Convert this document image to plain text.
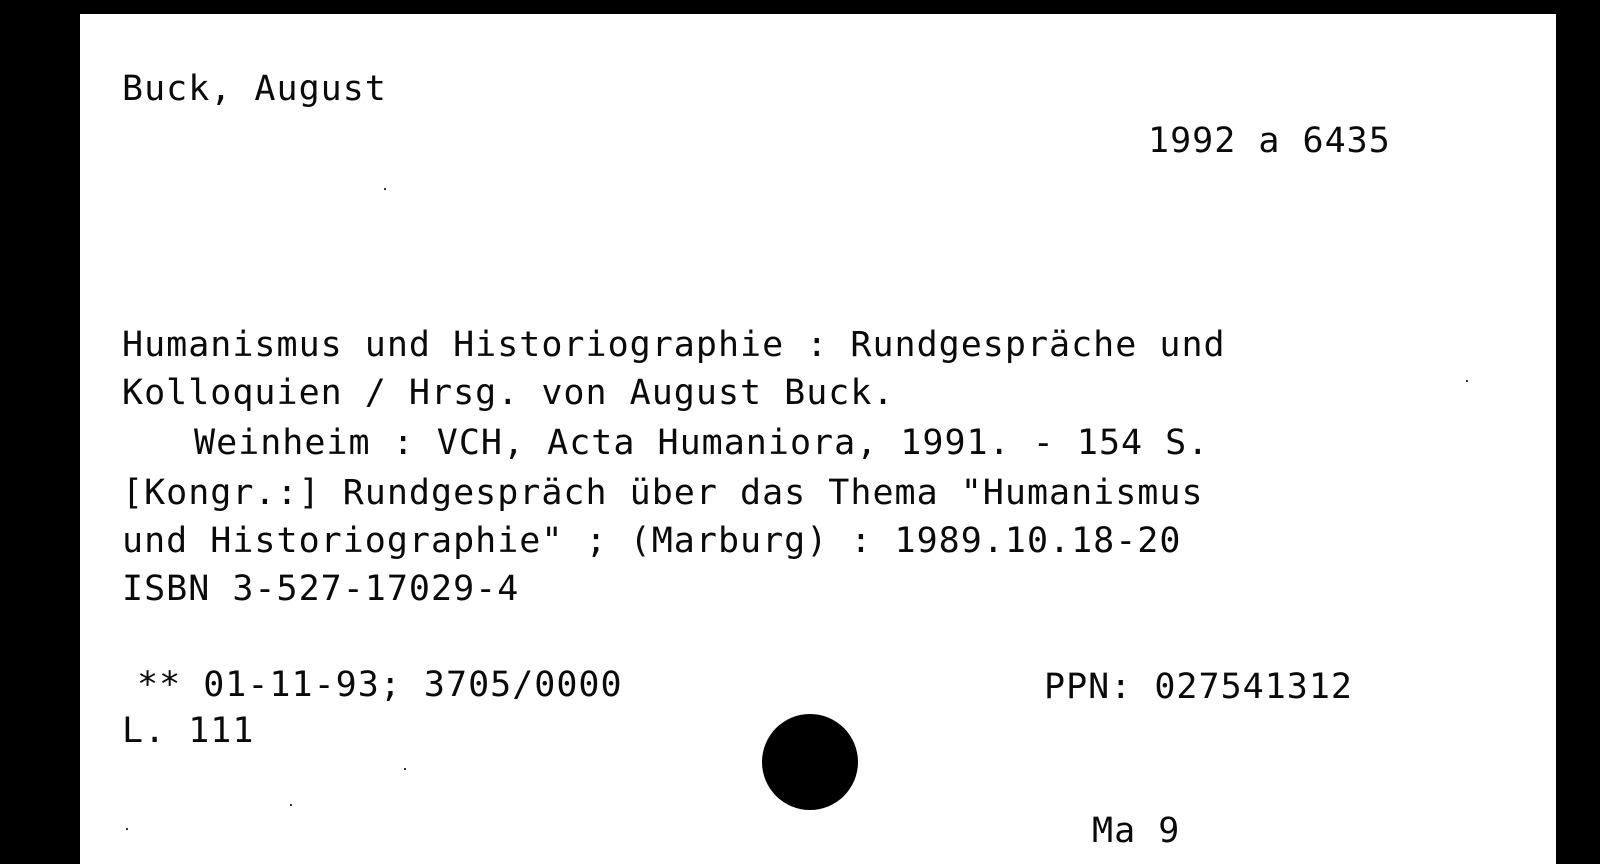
Buck, August
1992 a 6435
Humanismus und Historiographie : Rundgespräche und
Kolloquien / Hrsg. von August Buck.
Weinheim : VCH, Acta Humaniora, 1991. - 154 S.
[Kongr.:] Rundgespräch über das Thema "Humanismus
und Historiographie" ; (Marburg) : 1989.10.18-20
ISBN 3-527-17029-4
** 01-11-93; 3705/0000	PPN: 027541312
L. 111
Ma 9
